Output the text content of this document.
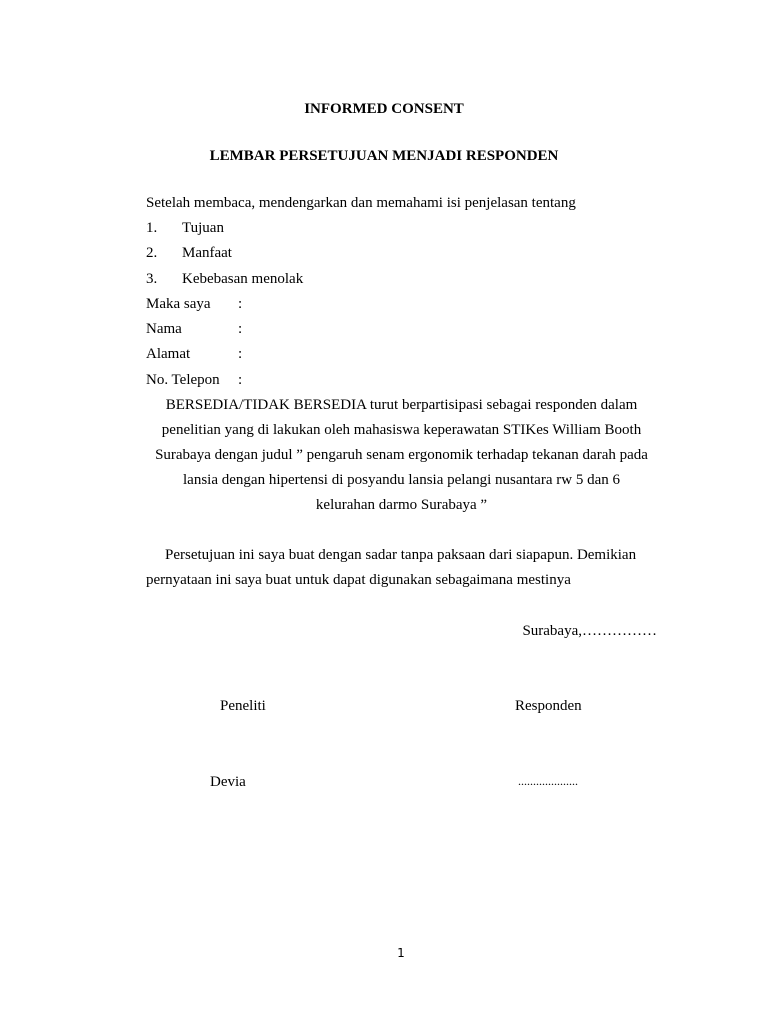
INFORMED CONSENT
LEMBAR PERSETUJUAN MENJADI RESPONDEN
Setelah membaca, mendengarkan dan memahami isi penjelasan tentang
1. Tujuan
2. Manfaat
3. Kebebasan menolak
Maka saya :
Nama	:
Alamat	:
No. Telepon :
BERSEDIA/TIDAK BERSEDIA turut berpartisipasi sebagai responden dalam
penelitian yang di lakukan oleh mahasiswa keperawatan STIKes William Booth
Surabaya dengan judul ” pengaruh senam ergonomik terhadap tekanan darah pada
lansia dengan hipertensi di posyandu lansia pelangi nusantara rw 5 dan 6
kelurahan darmo Surabaya ”
Persetujuan ini saya buat dengan sadar tanpa paksaan dari siapapun. Demikian
pernyataan ini saya buat untuk dapat digunakan sebagaimana mestinya
Surabaya,……………
Peneliti	Responden
Devia	....................
1
